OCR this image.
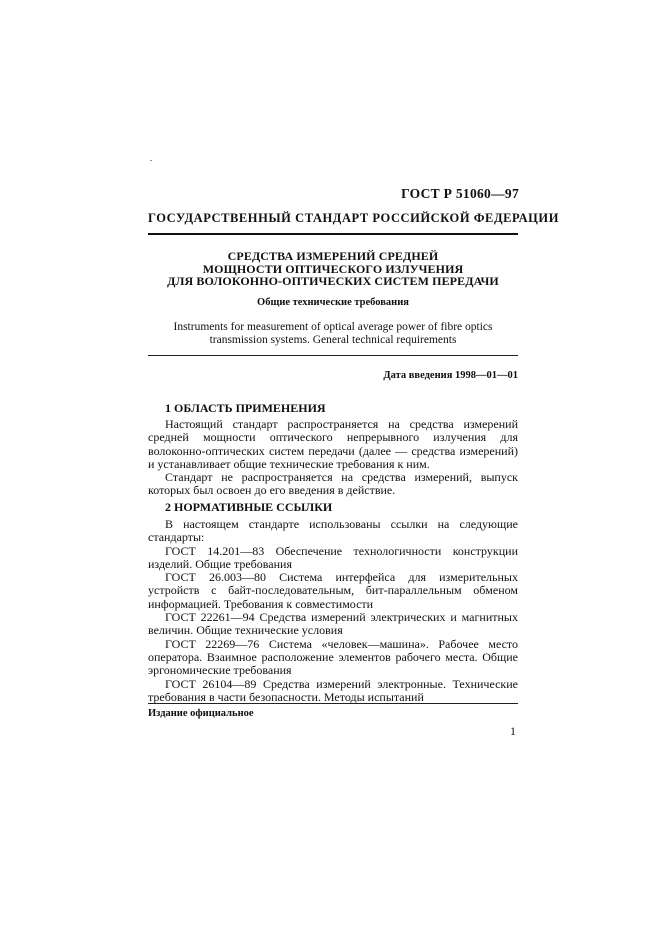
ГОСТ Р 51060—97
ГОСУДАРСТВЕННЫЙ СТАНДАРТ РОССИЙСКОЙ ФЕДЕРАЦИИ
СРЕДСТВА ИЗМЕРЕНИЙ СРЕДНЕЙ
МОЩНОСТИ ОПТИЧЕСКОГО ИЗЛУЧЕНИЯ
ДЛЯ ВОЛОКОННО-ОПТИЧЕСКИХ СИСТЕМ ПЕРЕДАЧИ
Общие технические требования
Instruments for measurement of optical average power of fibre optics
transmission systems. General technical requirements
Дата введения 1998—01—01
1 ОБЛАСТЬ ПРИМЕНЕНИЯ

Настоящий стандарт распространяется на средства измерений средней мощности оптического непрерывного излучения для волоконно-оптических систем передачи (далее — средства измерений) и устанавливает общие технические требования к ним.

Стандарт не распространяется на средства измерений, выпуск которых был освоен до его введения в действие.

2 НОРМАТИВНЫЕ ССЫЛКИ

В настоящем стандарте использованы ссылки на следующие стандарты:

ГОСТ 14.201—83 Обеспечение технологичности конструкции изделий. Общие требования

ГОСТ 26.003—80 Система интерфейса для измерительных устройств с байт-последовательным, бит-параллельным обменом информацией. Требования к совместимости

ГОСТ 22261—94 Средства измерений электрических и магнитных величин. Общие технические условия

ГОСТ 22269—76 Система «человек—машина». Рабочее место оператора. Взаимное расположение элементов рабочего места. Общие эргономические требования

ГОСТ 26104—89 Средства измерений электронные. Технические требования в части безопасности. Методы испытаний

Издание официальное
1
